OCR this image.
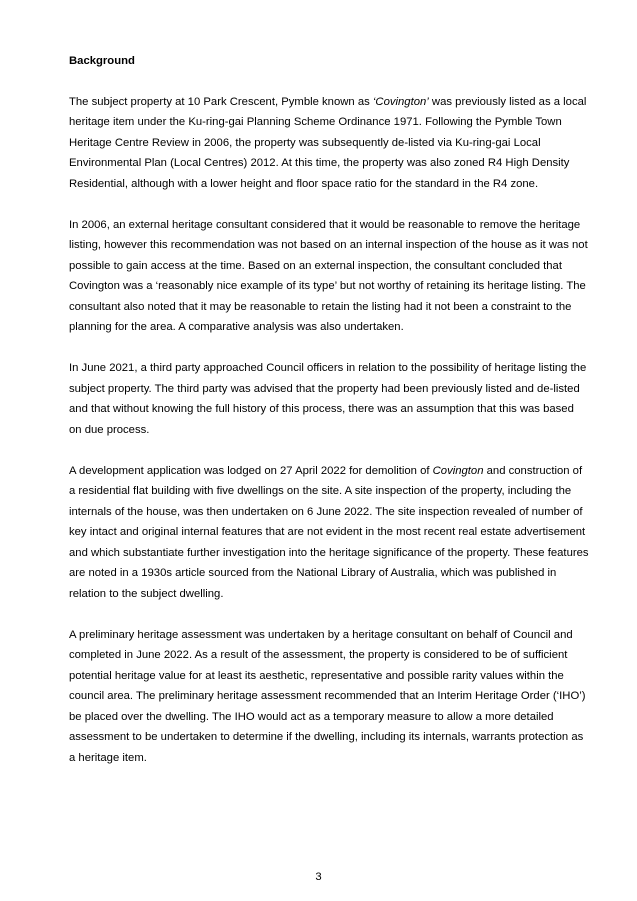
Background

The subject property at 10 Park Crescent, Pymble known as ‘Covington’ was previously listed as a local heritage item under the Ku-ring-gai Planning Scheme Ordinance 1971. Following the Pymble Town Heritage Centre Review in 2006, the property was subsequently de-listed via Ku-ring-gai Local Environmental Plan (Local Centres) 2012. At this time, the property was also zoned R4 High Density Residential, although with a lower height and floor space ratio for the standard in the R4 zone.

In 2006, an external heritage consultant considered that it would be reasonable to remove the heritage listing, however this recommendation was not based on an internal inspection of the house as it was not possible to gain access at the time. Based on an external inspection, the consultant concluded that Covington was a ‘reasonably nice example of its type’ but not worthy of retaining its heritage listing. The consultant also noted that it may be reasonable to retain the listing had it not been a constraint to the planning for the area. A comparative analysis was also undertaken.

In June 2021, a third party approached Council officers in relation to the possibility of heritage listing the subject property. The third party was advised that the property had been previously listed and de-listed and that without knowing the full history of this process, there was an assumption that this was based on due process.

A development application was lodged on 27 April 2022 for demolition of Covington and construction of a residential flat building with five dwellings on the site. A site inspection of the property, including the internals of the house, was then undertaken on 6 June 2022. The site inspection revealed of number of key intact and original internal features that are not evident in the most recent real estate advertisement and which substantiate further investigation into the heritage significance of the property. These features are noted in a 1930s article sourced from the National Library of Australia, which was published in relation to the subject dwelling.

A preliminary heritage assessment was undertaken by a heritage consultant on behalf of Council and completed in June 2022. As a result of the assessment, the property is considered to be of sufficient potential heritage value for at least its aesthetic, representative and possible rarity values within the council area. The preliminary heritage assessment recommended that an Interim Heritage Order (‘IHO’) be placed over the dwelling. The IHO would act as a temporary measure to allow a more detailed assessment to be undertaken to determine if the dwelling, including its internals, warrants protection as a heritage item.

3
